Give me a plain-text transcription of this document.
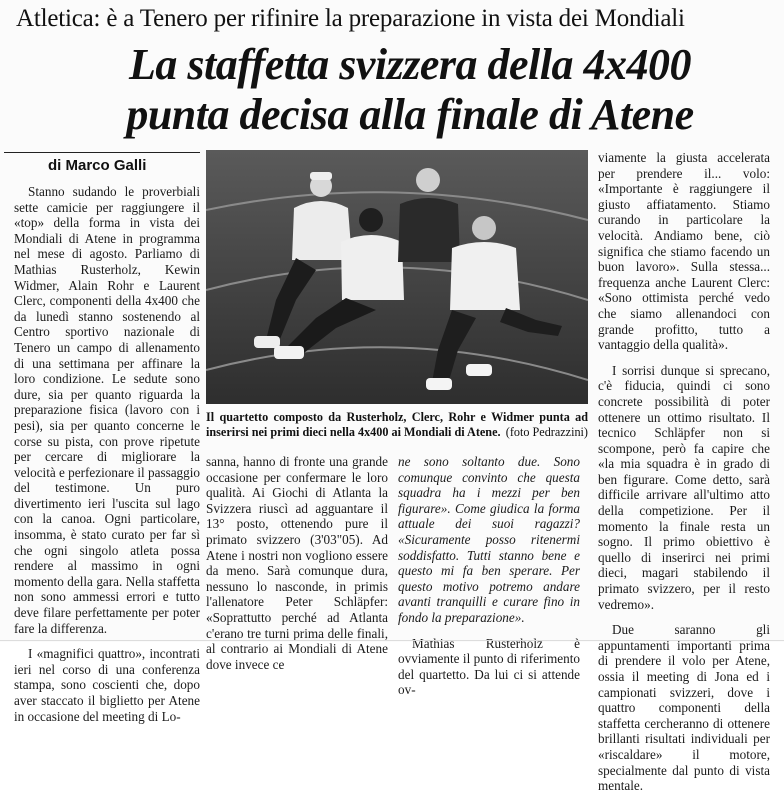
Atletica: è a Tenero per rifinire la preparazione in vista dei Mondiali
La staffetta svizzera della 4x400
punta decisa alla finale di Atene
di Marco Galli

Stanno sudando le proverbiali sette camicie per raggiungere il «top» della forma in vista dei Mondiali di Atene in programma nel mese di agosto. Parliamo di Mathias Rusterholz, Kewin Widmer, Alain Rohr e Laurent Clerc, componenti della 4x400 che da lunedì stanno sostenendo al Centro sportivo nazionale di Tenero un campo di allenamento di una settimana per affinare la loro condizione. Le sedute sono dure, sia per quanto riguarda la preparazione fisica (lavoro con i pesi), sia per quanto concerne le corse su pista, con prove ripetute per cercare di migliorare la velocità e perfezionare il passaggio del testimone. Un puro divertimento ieri l'uscita sul lago con la canoa. Ogni particolare, insomma, è stato curato per far sì che ogni singolo atleta possa rendere al massimo in ogni momento della gara. Nella staffetta non sono ammessi errori e tutto deve filare perfettamente per poter fare la differenza.

I «magnifici quattro», incontrati ieri nel corso di una conferenza stampa, sono coscienti che, dopo aver staccato il biglietto per Atene in occasione del meeting di Lo-

Il quartetto composto da Rusterholz, Clerc, Rohr e Widmer punta ad inserirsi nei primi dieci nella 4x400 ai Mondiali di Atene. (foto Pedrazzini)

sanna, hanno di fronte una grande occasione per confermare le loro qualità. Ai Giochi di Atlanta la Svizzera riuscì ad agguantare il 13° posto, ottenendo pure il primato svizzero (3'03"05). Ad Atene i nostri non vogliono essere da meno. Sarà comunque dura, nessuno lo nasconde, in primis l'allenatore Peter Schläpfer: «Soprattutto perché ad Atlanta c'erano tre turni prima delle finali, al contrario ai Mondiali di Atene dove invece ce

ne sono soltanto due. Sono comunque convinto che questa squadra ha i mezzi per ben figurare». Come giudica la forma attuale dei suoi ragazzi? «Sicuramente posso ritenermi soddisfatto. Tutti stanno bene e questo mi fa ben sperare. Per questo motivo potremo andare avanti tranquilli e curare fino in fondo la preparazione».

Mathias Rusterholz è ovviamente il punto di riferimento del quartetto. Da lui ci si attende ov-

viamente la giusta accelerata per prendere il... volo: «Importante è raggiungere il giusto affiatamento. Stiamo curando in particolare la velocità. Andiamo bene, ciò significa che stiamo facendo un buon lavoro». Sulla stessa... frequenza anche Laurent Clerc: «Sono ottimista perché vedo che siamo allenandoci con grande profitto, tutto a vantaggio della qualità».

I sorrisi dunque si sprecano, c'è fiducia, quindi ci sono concrete possibilità di poter ottenere un ottimo risultato. Il tecnico Schläpfer non si scompone, però fa capire che «la mia squadra è in grado di ben figurare. Come detto, sarà difficile arrivare all'ultimo atto della competizione. Per il momento la finale resta un sogno. Il primo obiettivo è quello di inserirci nei primi dieci, magari stabilendo il primato svizzero, per il resto vedremo».

Due saranno gli appuntamenti importanti prima di prendere il volo per Atene, ossia il meeting di Jona ed i campionati svizzeri, dove i quattro componenti della staffetta cercheranno di ottenere brillanti risultati individuali per «riscaldare» il motore, specialmente dal punto di vista mentale.
